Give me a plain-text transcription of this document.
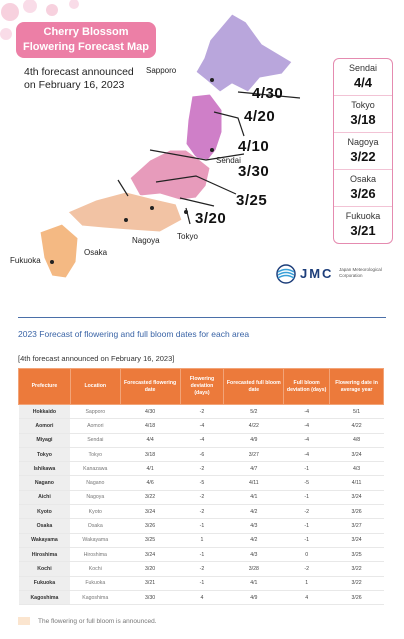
Cherry Blossom
Flowering Forecast Map
4th forecast announced
on February 16, 2023	4/30
4/20
4/10
3/30
3/25
3/20
Sapporo
Sendai
Tokyo
Nagoya
Osaka
Fukuoka
Sendai
4/4
Tokyo
3/18
Nagoya
3/22
Osaka
3/26
Fukuoka
3/21
JMC Japan Meteorological
Corporation
2023 Forecast of flowering and full bloom dates for each area
[4th forecast announced on February 16, 2023]
Prefecture	Location	Forecasted flowering date	Flowering deviation (days)	Forecasted full bloom date	Full bloom deviation (days)	Flowering date in average year
Hokkaido	Sapporo	4/30	-2	5/2	-4	5/1
Aomori	Aomori	4/18	-4	4/22	-4	4/22
Miyagi	Sendai	4/4	-4	4/9	-4	4/8
Tokyo	Tokyo	3/18	-6	3/27	-4	3/24
Ishikawa	Kanazawa	4/1	-2	4/7	-1	4/3
Nagano	Nagano	4/6	-5	4/11	-5	4/11
Aichi	Nagoya	3/22	-2	4/1	-1	3/24
Kyoto	Kyoto	3/24	-2	4/2	-2	3/26
Osaka	Osaka	3/26	-1	4/3	-1	3/27
Wakayama	Wakayama	3/25	1	4/2	-1	3/24
Hiroshima	Hiroshima	3/24	-1	4/3	0	3/25
Kochi	Kochi	3/20	-2	3/28	-2	3/22
Fukuoka	Fukuoka	3/21	-1	4/1	1	3/22
Kagoshima	Kagoshima	3/30	4	4/9	4	3/26
The flowering or full bloom is announced.
